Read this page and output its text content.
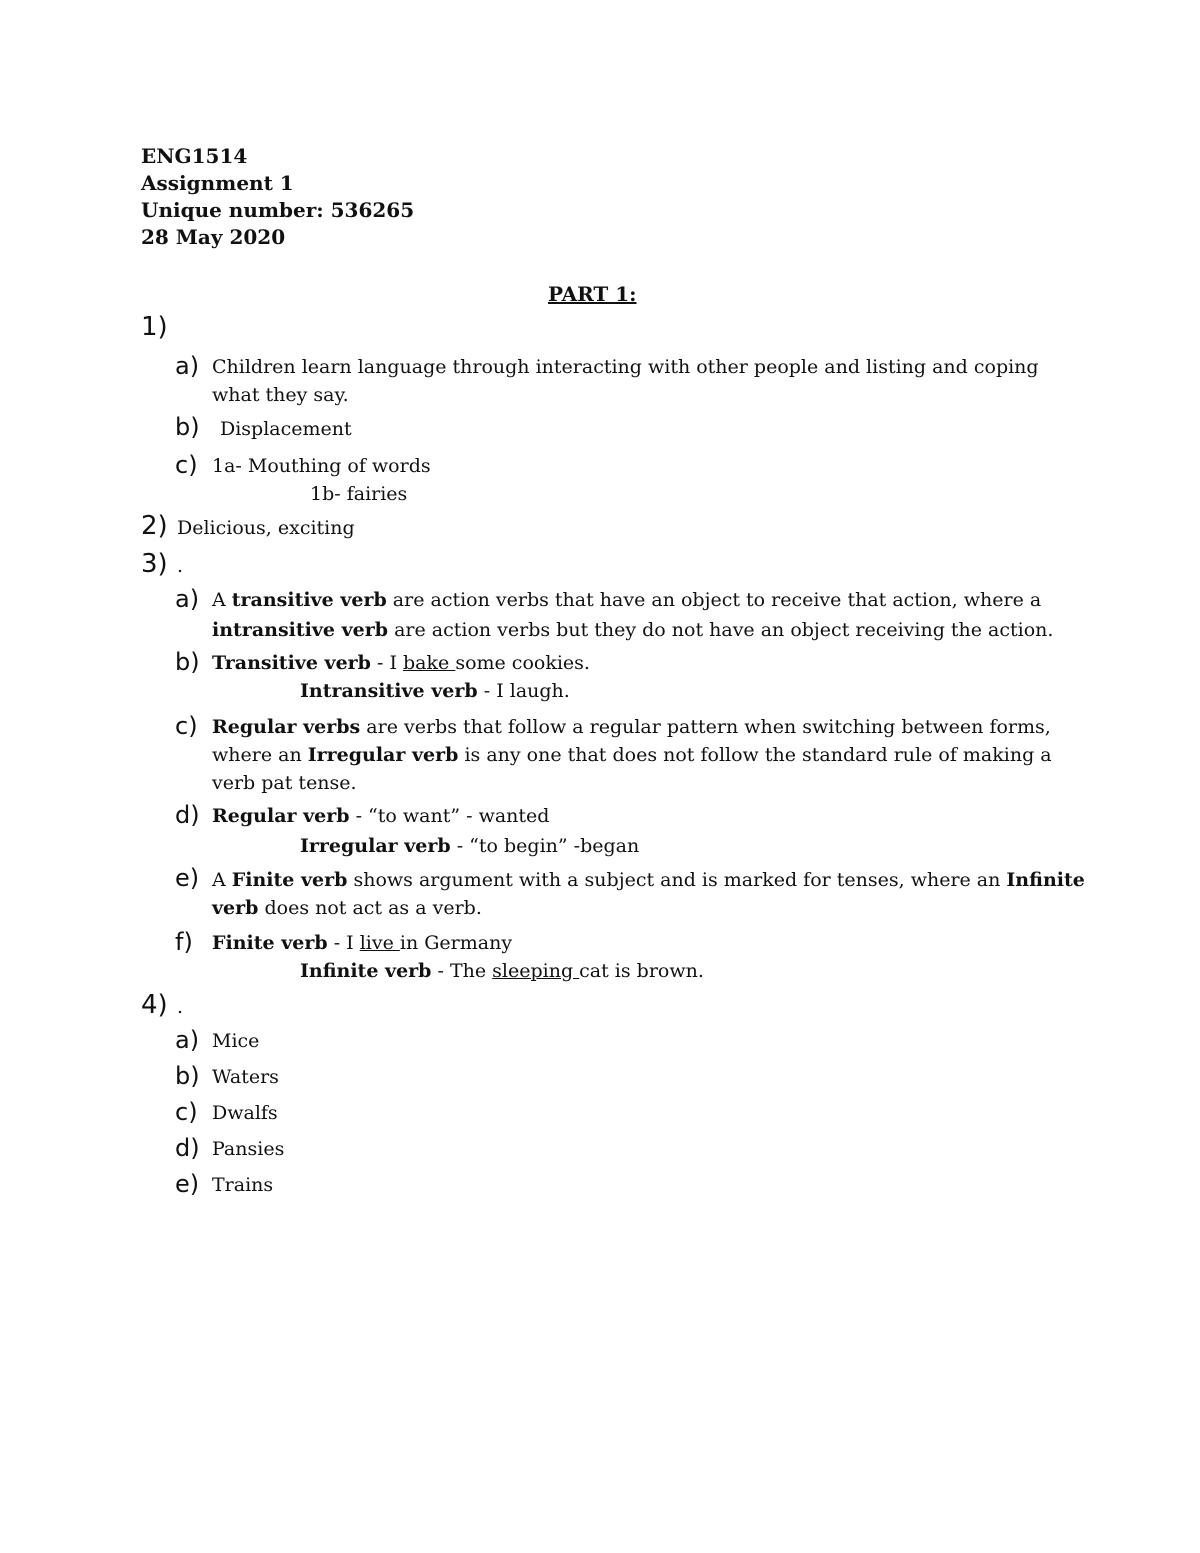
ENG1514
Assignment 1
Unique number: 536265
28 May 2020
PART 1:
1)
a) Children learn language through interacting with other people and listing and coping
what they say.
b) Displacement
c) 1a- Mouthing of words
1b- fairies
2) Delicious, exciting
3) .
a) A transitive verb are action verbs that have an object to receive that action, where a
intransitive verb are action verbs but they do not have an object receiving the action.
b) Transitive verb - I bake some cookies.
Intransitive verb - I laugh.
c) Regular verbs are verbs that follow a regular pattern when switching between forms,
where an Irregular verb is any one that does not follow the standard rule of making a
verb pat tense.
d) Regular verb - “to want” - wanted
Irregular verb - “to begin” -began
e) A Finite verb shows argument with a subject and is marked for tenses, where an Infinite
verb does not act as a verb.
f) Finite verb - I live in Germany
Infinite verb - The sleeping cat is brown.
4) .
a) Mice
b) Waters
c) Dwalfs
d) Pansies
e) Trains
